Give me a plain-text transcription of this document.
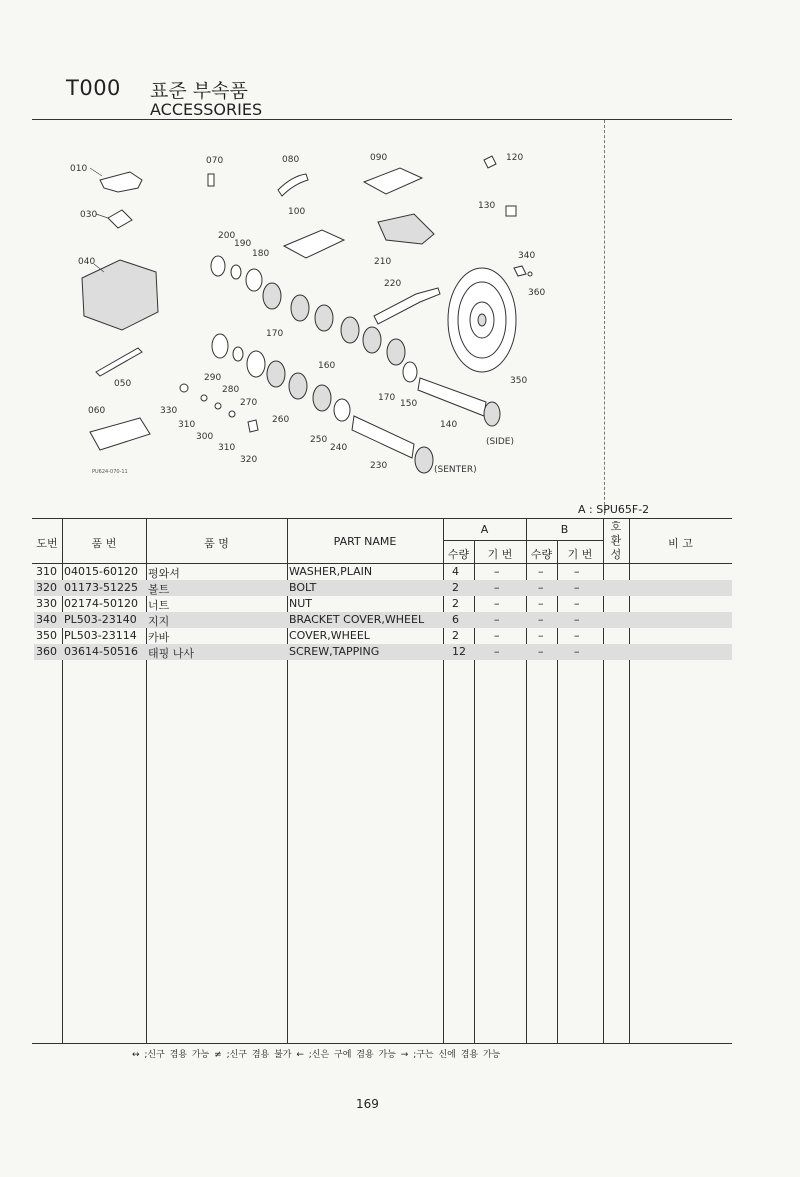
T000 표준 부속품
ACCESSORIES
010
030
040
050
060
070	080	090
100
120
130
210
220
200
190
180
170
160
170
150
140
(SIDE)
340
360
350
290
280
270
260
250
240
230	(SENTER)
330
310
300
310
320
PU624-070-11
A : SPU65F-2
도번	품 번	품 명	PART NAME
A	B
수량	기 번	수량	기 번
호환성
비 고
310 04015-60120 평와셔	WASHER,PLAIN	4	–	–	–
320 01173-51225 볼트	BOLT	2	–	–	–
330 02174-50120 너트	NUT	2	–	–	–
340 PL503-23140 지지	BRACKET COVER,WHEEL	6	–	–	–
350 PL503-23114 카바	COVER,WHEEL	2	–	–	–
360 03614-50516 태핑 나사	SCREW,TAPPING	12	–	–	–
↔ ;신구 겸용 가능 ≠ ;신구 겸용 불가 ← ;신은 구에 겸용 가능 → ;구는 신에 겸용 가능
169
